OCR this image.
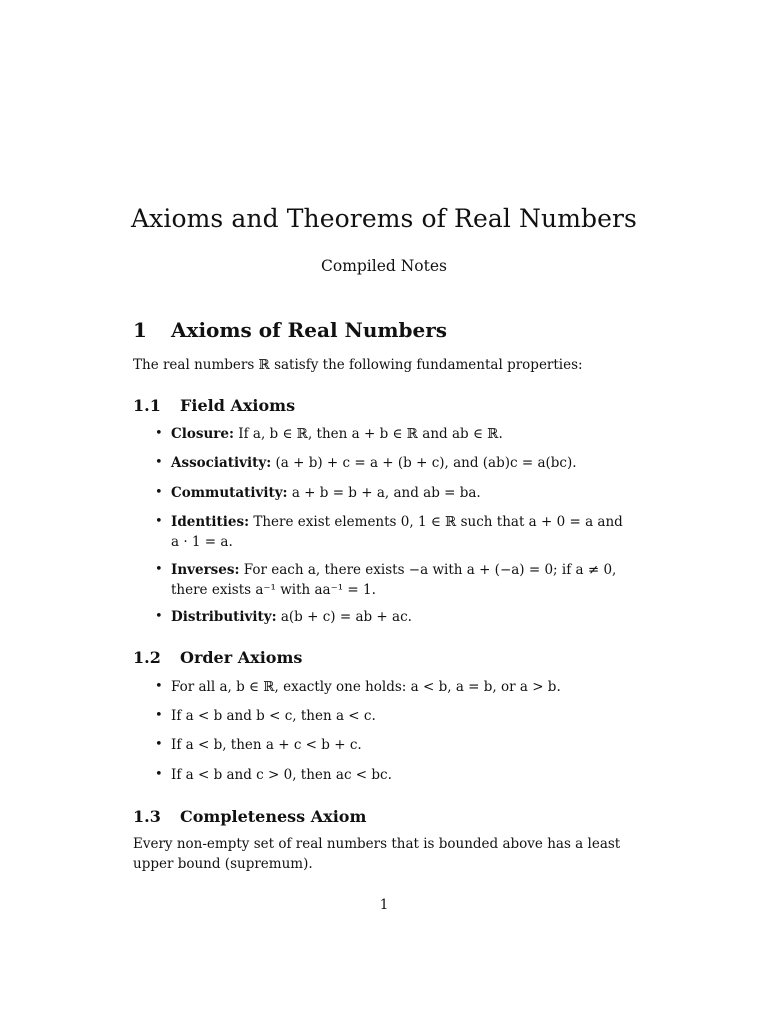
Axioms and Theorems of Real Numbers
Compiled Notes
1	Axioms of Real Numbers

The real numbers ℝ satisfy the following fundamental properties:

1.1	Field Axioms
• Closure: If a, b ∈ ℝ, then a + b ∈ ℝ and ab ∈ ℝ.
• Associativity: (a + b) + c = a + (b + c), and (ab)c = a(bc).
• Commutativity: a + b = b + a, and ab = ba.
• Identities: There exist elements 0, 1 ∈ ℝ such that a + 0 = a and a · 1 = a.
• Inverses: For each a, there exists −a with a + (−a) = 0; if a ≠ 0, there exists a⁻¹ with aa⁻¹ = 1.
• Distributivity: a(b + c) = ab + ac.
1.2	Order Axioms
• For all a, b ∈ ℝ, exactly one holds: a < b, a = b, or a > b.
• If a < b and b < c, then a < c.
• If a < b, then a + c < b + c.
• If a < b and c > 0, then ac < bc.
1.3	Completeness Axiom

Every non-empty set of real numbers that is bounded above has a least upper bound (supremum).

1
